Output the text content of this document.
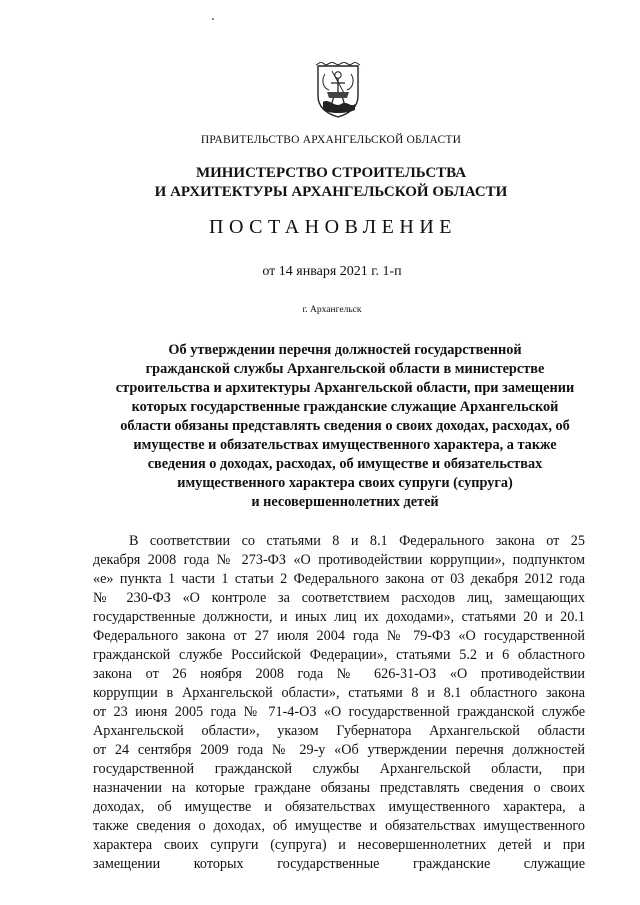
ПРАВИТЕЛЬСТВО АРХАНГЕЛЬСКОЙ ОБЛАСТИ
МИНИСТЕРСТВО СТРОИТЕЛЬСТВА
И АРХИТЕКТУРЫ АРХАНГЕЛЬСКОЙ ОБЛАСТИ
ПОСТАНОВЛЕНИЕ
от 14 января 2021 г. 1-п
г. Архангельск
Об утверждении перечня должностей государственной
гражданской службы Архангельской области в министерстве
строительства и архитектуры Архангельской области, при замещении
которых государственные гражданские служащие Архангельской
области обязаны представлять сведения о своих доходах, расходах, об
имуществе и обязательствах имущественного характера, а также
сведения о доходах, расходах, об имуществе и обязательствах
имущественного характера своих супруги (супруга)
и несовершеннолетних детей
В соответствии со статьями 8 и 8.1 Федерального закона от 25
декабря 2008 года № 273-ФЗ «О противодействии коррупции», подпунктом
«е» пункта 1 части 1 статьи 2 Федерального закона от 03 декабря 2012 года
№ 230-ФЗ «О контроле за соответствием расходов лиц, замещающих
государственные должности, и иных лиц их доходами», статьями 20 и 20.1
Федерального закона от 27 июля 2004 года № 79-ФЗ «О государственной
гражданской службе Российской Федерации», статьями 5.2 и 6 областного
закона от 26 ноября 2008 года № 626-31-ОЗ «О противодействии
коррупции в Архангельской области», статьями 8 и 8.1 областного закона
от 23 июня 2005 года № 71-4-ОЗ «О государственной гражданской службе
Архангельской области», указом Губернатора Архангельской области
от 24 сентября 2009 года № 29-у «Об утверждении перечня должностей
государственной гражданской службы Архангельской области, при
назначении на которые граждане обязаны представлять сведения о своих
доходах, об имуществе и обязательствах имущественного характера, а
также сведения о доходах, об имуществе и обязательствах имущественного
характера своих супруги (супруга) и несовершеннолетних детей и при
замещении которых государственные гражданские служащие
